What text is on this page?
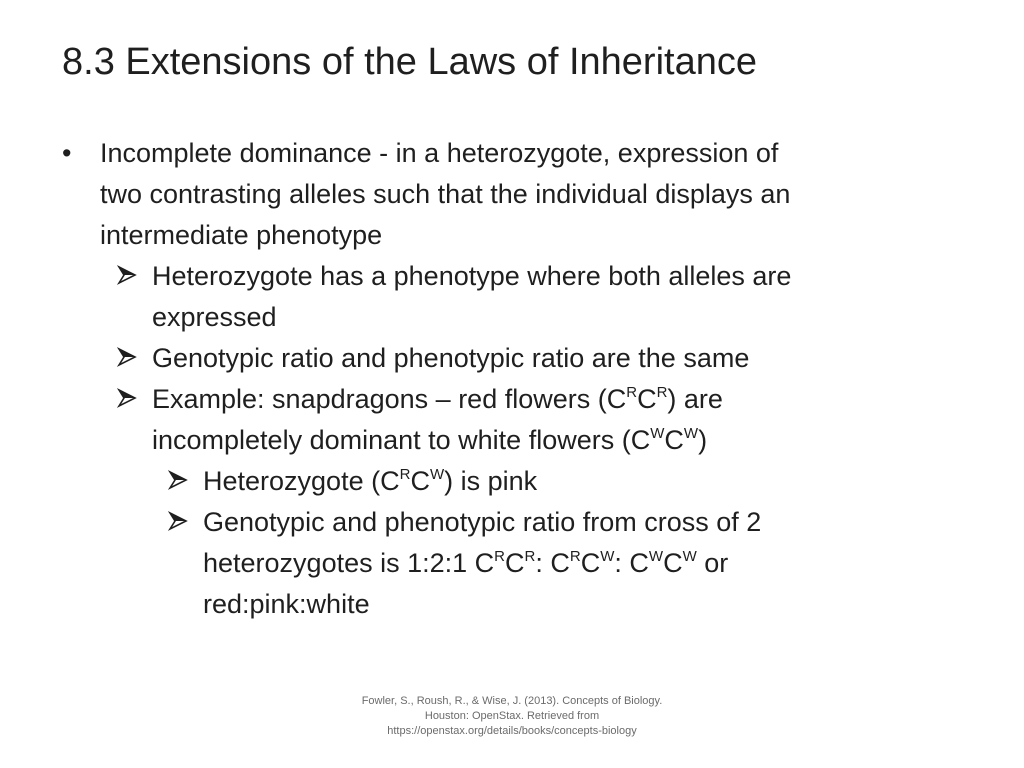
8.3 Extensions of the Laws of Inheritance
• Incomplete dominance - in a heterozygote, expression of
two contrasting alleles such that the individual displays an
intermediate phenotype
Heterozygote has a phenotype where both alleles are
expressed
Genotypic ratio and phenotypic ratio are the same
Example: snapdragons – red flowers $(C^RC^R)$ are
incompletely dominant to white flowers $(C^WC^W)$
Heterozygote $(C^RC^W)$ is pink
Genotypic and phenotypic ratio from cross of 2
heterozygotes is 1:2:1 $C^RC^R$: $C^RC^W$: $C^WC^W$ or
red:pink:white
Fowler, S., Roush, R., & Wise, J. (2013). Concepts of Biology.
Houston: OpenStax. Retrieved from
https://openstax.org/details/books/concepts-biology
